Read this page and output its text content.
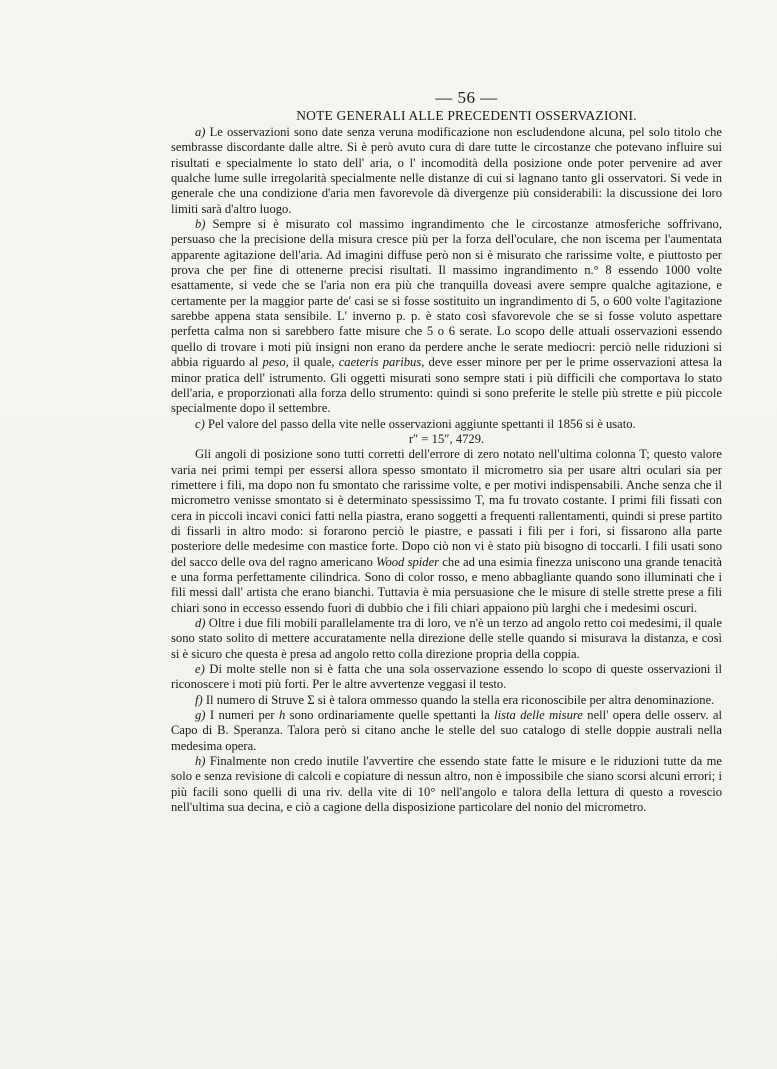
— 56 —

NOTE GENERALI ALLE PRECEDENTI OSSERVAZIONI.

a) Le osservazioni sono date senza veruna modificazione non escludendone alcuna, pel solo titolo che sembrasse discordante dalle altre. Si è però avuto cura di dare tutte le circostanze che potevano influire sui risultati e specialmente lo stato dell' aria, o l' incomodità della posizione onde poter pervenire ad aver qualche lume sulle irregolarità specialmente nelle distanze di cui si lagnano tanto gli osservatori. Si vede in generale che una condizione d'aria men favorevole dà divergenze più considerabili: la discussione dei loro limiti sarà d'altro luogo.

b) Sempre si è misurato col massimo ingrandimento che le circostanze atmosferiche soffrivano, persuaso che la precisione della misura cresce più per la forza dell'oculare, che non iscema per l'aumentata apparente agitazione dell'aria. Ad imagini diffuse però non si è misurato che rarissime volte, e piuttosto per prova che per fine di ottenerne precisi risultati. Il massimo ingrandimento n.° 8 essendo 1000 volte esattamente, si vede che se l'aria non era più che tranquilla doveasi avere sempre qualche agitazione, e certamente per la maggior parte de' casi se si fosse sostituito un ingrandimento di 5, o 600 volte l'agitazione sarebbe appena stata sensibile. L' inverno p. p. è stato così sfavorevole che se si fosse voluto aspettare perfetta calma non si sarebbero fatte misure che 5 o 6 serate. Lo scopo delle attuali osservazioni essendo quello di trovare i moti più insigni non erano da perdere anche le serate mediocri: perciò nelle riduzioni si abbia riguardo al peso, il quale, caeteris paribus, deve esser minore per per le prime osservazioni attesa la minor pratica dell' istrumento. Gli oggetti misurati sono sempre stati i più difficili che comportava lo stato dell'aria, e proporzionati alla forza dello strumento: quindi si sono preferite le stelle più strette e più piccole specialmente dopo il settembre.

c) Pel valore del passo della vite nelle osservazioni aggiunte spettanti il 1856 si è usato.

r″ = 15″, 4729.

Gli angoli di posizione sono tutti corretti dell'errore di zero notato nell'ultima colonna T; questo valore varia nei primi tempi per essersi allora spesso smontato il micrometro sia per usare altri oculari sia per rimettere i fili, ma dopo non fu smontato che rarissime volte, e per motivi indispensabili. Anche senza che il micrometro venisse smontato si è determinato spessissimo T, ma fu trovato costante. I primi fili fissati con cera in piccoli incavi conici fatti nella piastra, erano soggetti a frequenti rallentamenti, quindi si prese partito di fissarli in altro modo: si forarono perciò le piastre, e passati i fili per i fori, si fissarono alla parte posteriore delle medesime con mastice forte. Dopo ciò non vi è stato più bisogno di toccarli. I fili usati sono del sacco delle ova del ragno americano Wood spider che ad una esimia finezza uniscono una grande tenacità e una forma perfettamente cilindrica. Sono di color rosso, e meno abbagliante quando sono illuminati che i fili messi dall' artista che erano bianchi. Tuttavia è mia persuasione che le misure di stelle strette prese a fili chiari sono in eccesso essendo fuori di dubbio che i fili chiari appaiono più larghi che i medesimi oscuri.

d) Oltre i due fili mobili parallelamente tra di loro, ve n'è un terzo ad angolo retto coi medesimi, il quale sono stato solito di mettere accuratamente nella direzione delle stelle quando si misurava la distanza, e così si è sicuro che questa è presa ad angolo retto colla direzione propria della coppia.

e) Di molte stelle non si è fatta che una sola osservazione essendo lo scopo di queste osservazioni il riconoscere i moti più forti. Per le altre avvertenze veggasi il testo.

f) Il numero di Struve Σ si è talora ommesso quando la stella era riconoscibile per altra denominazione.

g) I numeri per h sono ordinariamente quelle spettanti la lista delle misure nell' opera delle osserv. al Capo di B. Speranza. Talora però si citano anche le stelle del suo catalogo di stelle doppie australi nella medesima opera.

h) Finalmente non credo inutile l'avvertire che essendo state fatte le misure e le riduzioni tutte da me solo e senza revisione di calcoli e copiature di nessun altro, non è impossibile che siano scorsi alcuni errori; i più facili sono quelli di una riv. della vite di 10° nell'angolo e talora della lettura di questo a rovescio nell'ultima sua decina, e ciò a cagione della disposizione particolare del nonio del micrometro.
